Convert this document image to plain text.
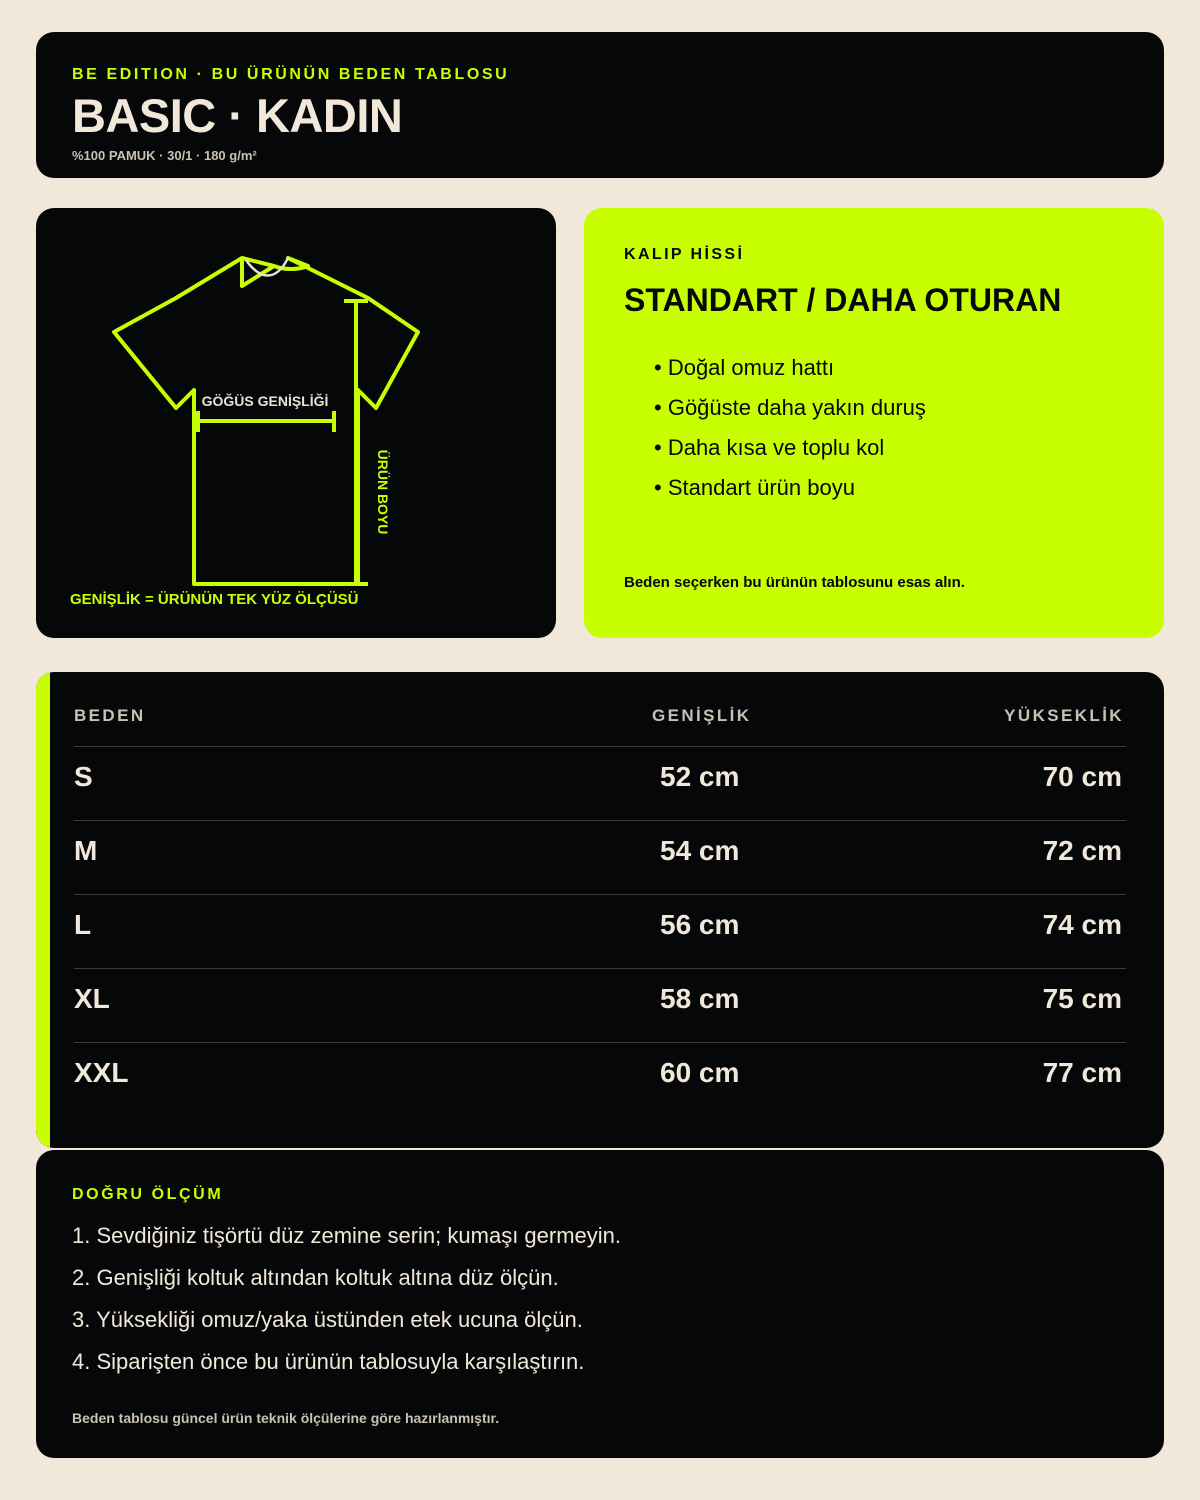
BE EDITION · BU ÜRÜNÜN BEDEN TABLOSU
BASIC · KADIN
%100 PAMUK · 30/1 · 180 g/m²
GÖĞÜS GENİŞLİĞİ
ÜRÜN BOYU
GENİŞLİK = ÜRÜNÜN TEK YÜZ ÖLÇÜSÜ
KALIP HİSSİ
STANDART / DAHA OTURAN
• Doğal omuz hattı
• Göğüste daha yakın duruş
• Daha kısa ve toplu kol
• Standart ürün boyu
Beden seçerken bu ürünün tablosunu esas alın.
BEDEN	GENİŞLİK	YÜKSEKLİK
S	52 cm	70 cm
M	54 cm	72 cm
L	56 cm	74 cm
XL	58 cm	75 cm
XXL	60 cm	77 cm
DOĞRU ÖLÇÜM
1. Sevdiğiniz tişörtü düz zemine serin; kumaşı germeyin.
2. Genişliği koltuk altından koltuk altına düz ölçün.
3. Yüksekliği omuz/yaka üstünden etek ucuna ölçün.
4. Siparişten önce bu ürünün tablosuyla karşılaştırın.
Beden tablosu güncel ürün teknik ölçülerine göre hazırlanmıştır.
